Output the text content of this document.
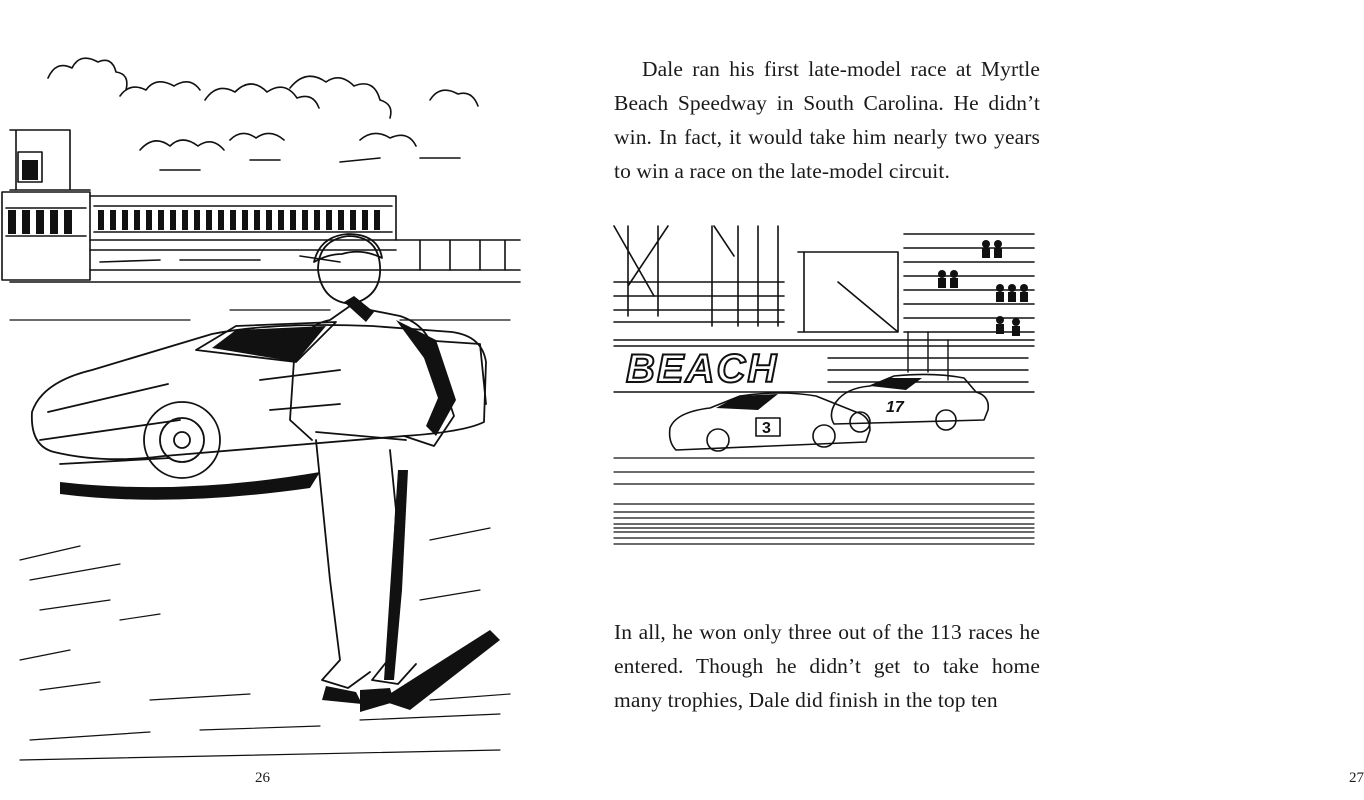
26

Dale ran his first late-model race at Myrtle Beach Speedway in South Carolina. He didn’t win. In fact, it would take him nearly two years to win a race on the late-model circuit.

BEACH
3
17

In all, he won only three out of the 113 races he entered. Though he didn’t get to take home many trophies, Dale did finish in the top ten

27
